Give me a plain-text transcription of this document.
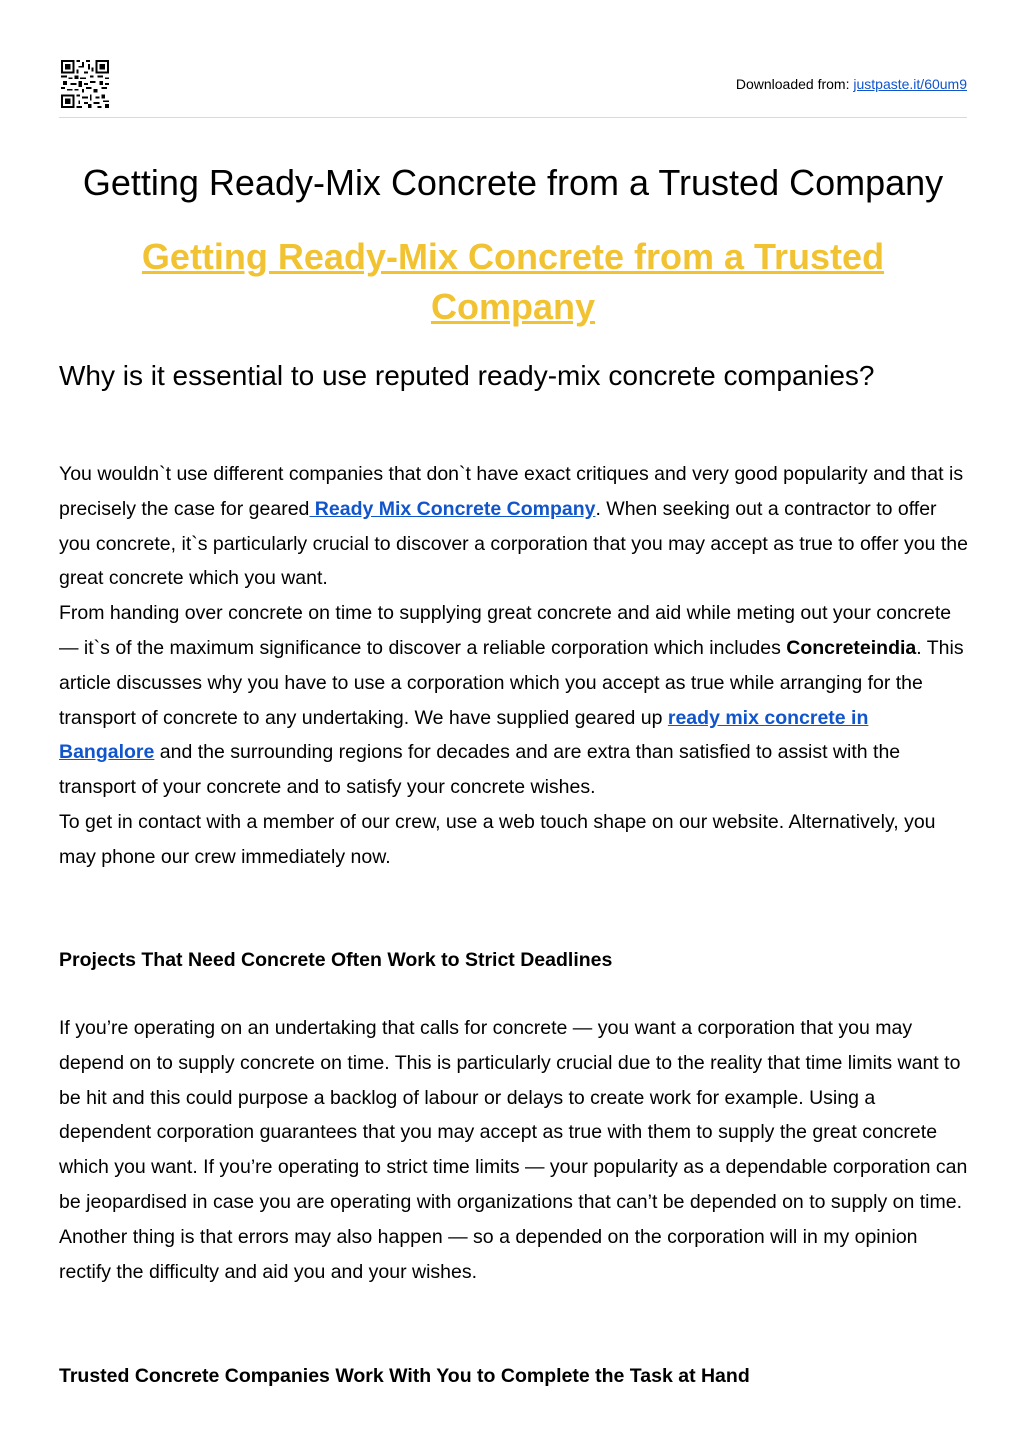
Downloaded from: justpaste.it/60um9
Getting Ready-Mix Concrete from a Trusted Company
Getting Ready-Mix Concrete from a Trusted Company
Why is it essential to use reputed ready-mix concrete companies?

You wouldn`t use different companies that don`t have exact critiques and very good popularity and that is precisely the case for geared Ready Mix Concrete Company. When seeking out a contractor to offer you concrete, it`s particularly crucial to discover a corporation that you may accept as true to offer you the great concrete which you want.

From handing over concrete on time to supplying great concrete and aid while meting out your concrete — it`s of the maximum significance to discover a reliable corporation which includes Concreteindia. This article discusses why you have to use a corporation which you accept as true while arranging for the transport of concrete to any undertaking. We have supplied geared up ready mix concrete in Bangalore and the surrounding regions for decades and are extra than satisfied to assist with the transport of your concrete and to satisfy your concrete wishes.

To get in contact with a member of our crew, use a web touch shape on our website. Alternatively, you may phone our crew immediately now.

Projects That Need Concrete Often Work to Strict Deadlines

If you’re operating on an undertaking that calls for concrete — you want a corporation that you may depend on to supply concrete on time. This is particularly crucial due to the reality that time limits want to be hit and this could purpose a backlog of labour or delays to create work for example. Using a dependent corporation guarantees that you may accept as true with them to supply the great concrete which you want. If you’re operating to strict time limits — your popularity as a dependable corporation can be jeopardised in case you are operating with organizations that can’t be depended on to supply on time. Another thing is that errors may also happen — so a depended on the corporation will in my opinion rectify the difficulty and aid you and your wishes.

Trusted Concrete Companies Work With You to Complete the Task at Hand
